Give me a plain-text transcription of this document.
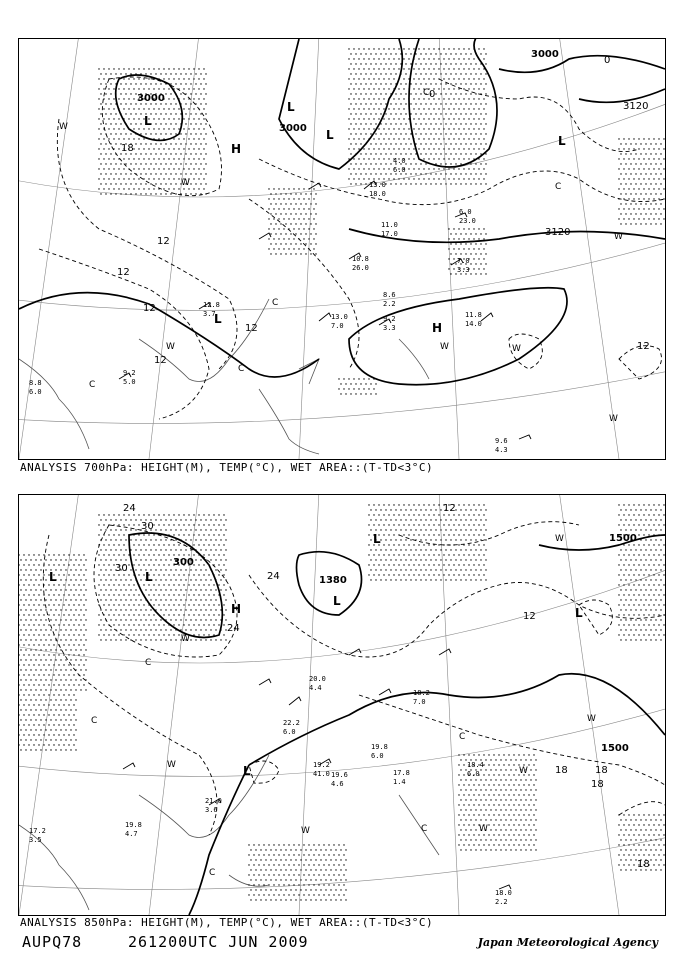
3000
3000
3000
3120
3120
12
12
12
12
12
18
0
0
12
L
L
L	L
L
H
H
W
W
W
W
W	W
W
C
C
C
C
C
13.0
18.0
10.8
26.0
11.0
17.0
9.2
3.3
11.8
14.0
9.6
4.3
8.6
2.2
7.0
3.3
6.0
23.0
4.0
6.0
9.2
5.0
12.8
3.7	13.0
7.0
8.8
6.0
ANALYSIS 700hPa: HEIGHT(M), TEMP(°C), WET AREA::(T-TD<3°C)
1380
1500
1500
300
24
24
24
30
30
12
12
18	18
18
18
L
L
L
L
L
L
H
W
W
W
W
W
W
W
C
C
C
C
C
21.0
3.6
19.8
4.7
19.2
41.0 19.6
4.6
17.8
1.4
18.0
2.2
18.4
6.0
19.8
6.0
17.2
3.5
20.0
4.4
22.2
6.0
18.2
7.0
ANALYSIS 850hPa: HEIGHT(M), TEMP(°C), WET AREA::(T-TD<3°C)
AUPQ78	261200UTC JUN 2009	Japan Meteorological Agency
